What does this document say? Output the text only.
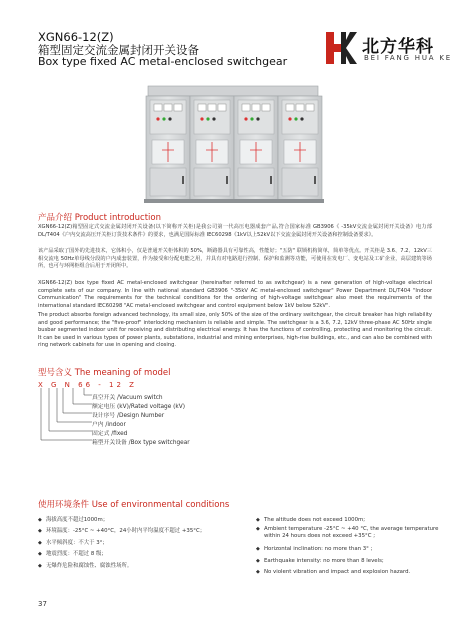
XGN66-12(Z)
箱型固定交流金属封闭开关设备
Box type fixed AC metal-enclosed switchgear
北方华科
BEI FANG HUA KE
产品介绍 Product introduction
XGN66-12(Z)箱型固定式交流金属封闭开关设备(以下简称开关柜)是我公司第一代高压电器成套产品,符合国家标准 GB3906《 -35kV交流金属封闭开关设备》电力部 DL/T404《户内交流高压开关柜订货技术条件》的要求，也满足国际标准 IEC60298《1kV以上52kV以下交流金属封闭开关设备和控制设备要求》。
该产品采取了国外的先进技术，它体积小，仅是普通开关柜体积的 50%，断路器具有可靠性高，性能好；"五防" 联锁机构简单，简单等优点。开关柜是 3.6、7.2、12kV三相交流电 50Hz单母线分段的户内成套装置，作为接受和分配电能之用，并具有对电路进行控制、保护和监测等功能，可使用在发电厂、变电站及工矿企业，高层建筑等场所，也可与环网柜组合后用于开闭所中。
XGN66-12(Z) box type fixed AC metal-enclosed switchgear (hereinafter referred to as switchgear) is a new generation of high-voltage electrical complete sets of our company. In line with national standard GB3906 "-35kV AC metal-enclosed switchgear" Power Department DL/T404 "Indoor Communication" The requirements for the technical conditions for the ordering of high-voltage switchgear also meet the requirements of the international standard IEC60298 "AC metal-enclosed switchgear and control equipment below 1kV below 52kV".
The product absorbs foreign advanced technology, its small size, only 50% of the size of the ordinary switchgear, the circuit breaker has high reliability and good performance; the "five-proof" interlocking mechanism is reliable and simple. The switchgear is a 3.6, 7.2, 12kV three-phase AC 50Hz single busbar segmented indoor unit for receiving and distributing electrical energy. It has the functions of controlling, protecting and monitoring the circuit. It can be used in various types of power plants, substations, industrial and mining enterprises, high-rise buildings, etc., and can also be combined with ring network cabinets for use in opening and closing.
型号含义 The meaning of model
X G N 66 - 12 Z
真空开关 /Vacuum switch
额定电压 (kV)/Rated voltage (kV)
设计序号 /Design Number
户内 /indoor
固定式 /fixed
箱型开关设备 /Box type switchgear
使用环境条件 Use of environmental conditions
◆ 海拔高度不超过1000m；
◆ 环境温度：-25°C ~ +40°C，24小时内平均温度不超过 +35°C；
◆ 水平倾斜度：不大于 3°；
◆ 地震烈度：不超过 8 级；
◆ 无爆炸危险和腐蚀性、腐蚀性场所。
◆ The altitude does not exceed 1000m;
◆ Ambient temperature -25°C ~ +40 °C, the average temperature within 24 hours does not exceed +35°C ;
◆ Horizontal inclination: no more than 3° ;
◆ Earthquake intensity: no more than 8 levels;
◆ No violent vibration and impact and explosion hazard.
37
